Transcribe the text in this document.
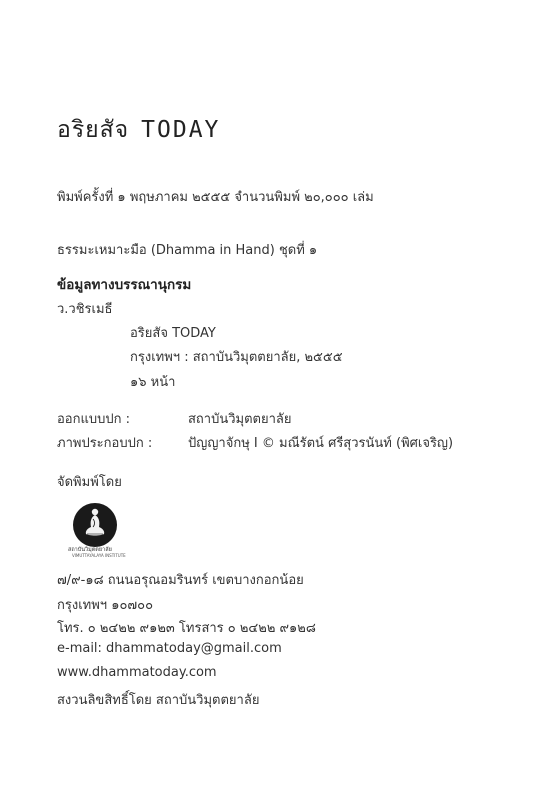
อริยสัจ TODAY
พิมพ์ครั้งที่ ๑ พฤษภาคม ๒๕๕๕ จำนวนพิมพ์ ๒๐,๐๐๐ เล่ม
ธรรมะเหมาะมือ (Dhamma in Hand) ชุดที่ ๑
ข้อมูลทางบรรณานุกรม
ว.วชิรเมธี
อริยสัจ TODAY
กรุงเทพฯ : สถาบันวิมุตตยาลัย, ๒๕๕๕
๑๖ หน้า
ออกแบบปก :	สถาบันวิมุตตยาลัย
ภาพประกอบปก :	ปัญญาจักษุ I © มณีรัตน์ ศรีสุวรนันท์ (พิศเจริญ)
จัดพิมพ์โดย
สถาบันวิมุตตยาลัย
VIMUTTAYALAYA INSTITUTE
๗/๙-๑๘ ถนนอรุณอมรินทร์ เขตบางกอกน้อย
กรุงเทพฯ ๑๐๗๐๐
โทร. ๐ ๒๔๒๒ ๙๑๒๓ โทรสาร ๐ ๒๔๒๒ ๙๑๒๘
e-mail: dhammatoday@gmail.com
www.dhammatoday.com
สงวนลิขสิทธิ์โดย สถาบันวิมุตตยาลัย
